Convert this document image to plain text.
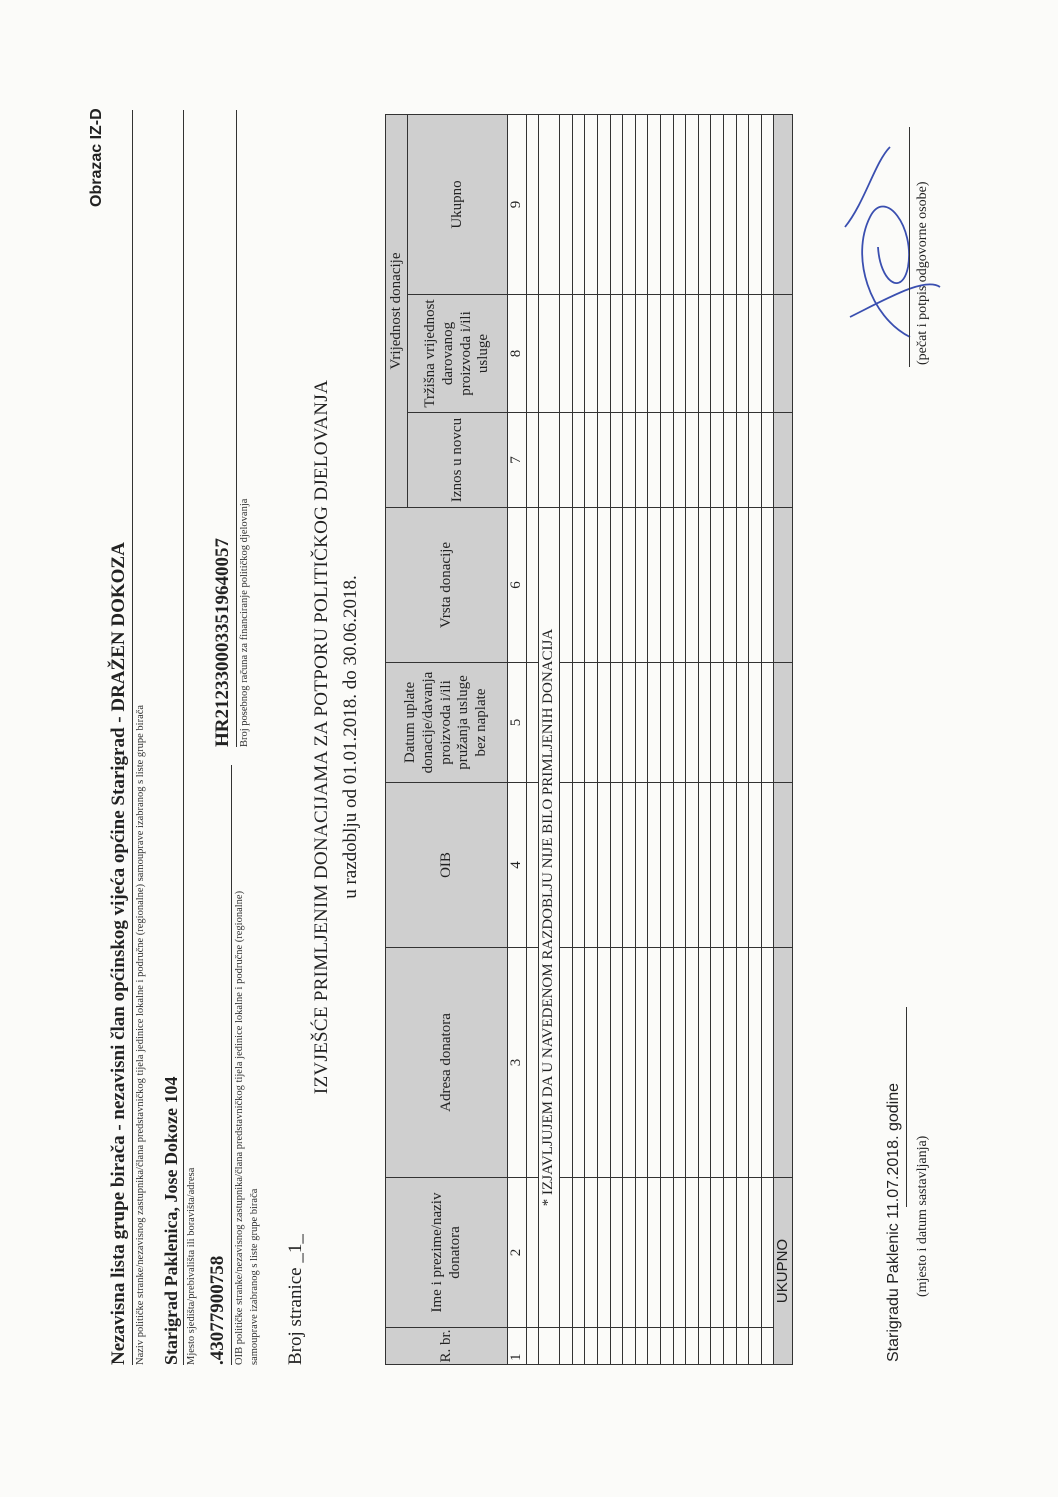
Obrazac IZ-D
Nezavisna lista grupe birača - nezavisni član općinskog vijeća općine Starigrad - DRAŽEN DOKOZA Naziv političke stranke/nezavisnog zastupnika/člana predstavničkog tijela jedinice lokalne i područne (regionalne) samouprave izabranog s liste grupe birača Starigrad Paklenica, Jose Dokoze 104 Mjesto sjedišta/prebivališta ili boravišta/adresa .43077900758 OIB političke stranke/nezavisnog zastupnika/člana predstavničkog tijela jedinice lokalne i područne (regionalne) samouprave izabranog s liste grupe birača
HR2123300033519640057 Broj posebnog računa za financiranje političkog djelovanja
Broj stranice _1_
IZVJEŠĆE PRIMLJENIM DONACIJAMA ZA POTPORU POLITIČKOG DJELOVANJA u razdoblju od 01.01.2018. do 30.06.2018.
R. br.	Ime i prezime/naziv donatora	Adresa donatora	OIB	Datum uplate donacije/davanja proizvoda i/ili pružanja usluge bez naplate	Vrsta donacije	Vrijednost donacije		
						Iznos u novcu	Tržišna vrijednost darovanog proizvoda i/ili usluge	Ukupno
1	2	3	4	5	6	7	8	9

	* IZJAVLJUJEM DA U NAVEDENOM RAZDOBLJU NIJE BILO PRIMLJENIH DONACIJA							

UKUPNO									Starigradu Paklenic 11.07.2018. godine (mjesto i datum sastavljanja)
(pečat i potpis odgovorne osobe)
